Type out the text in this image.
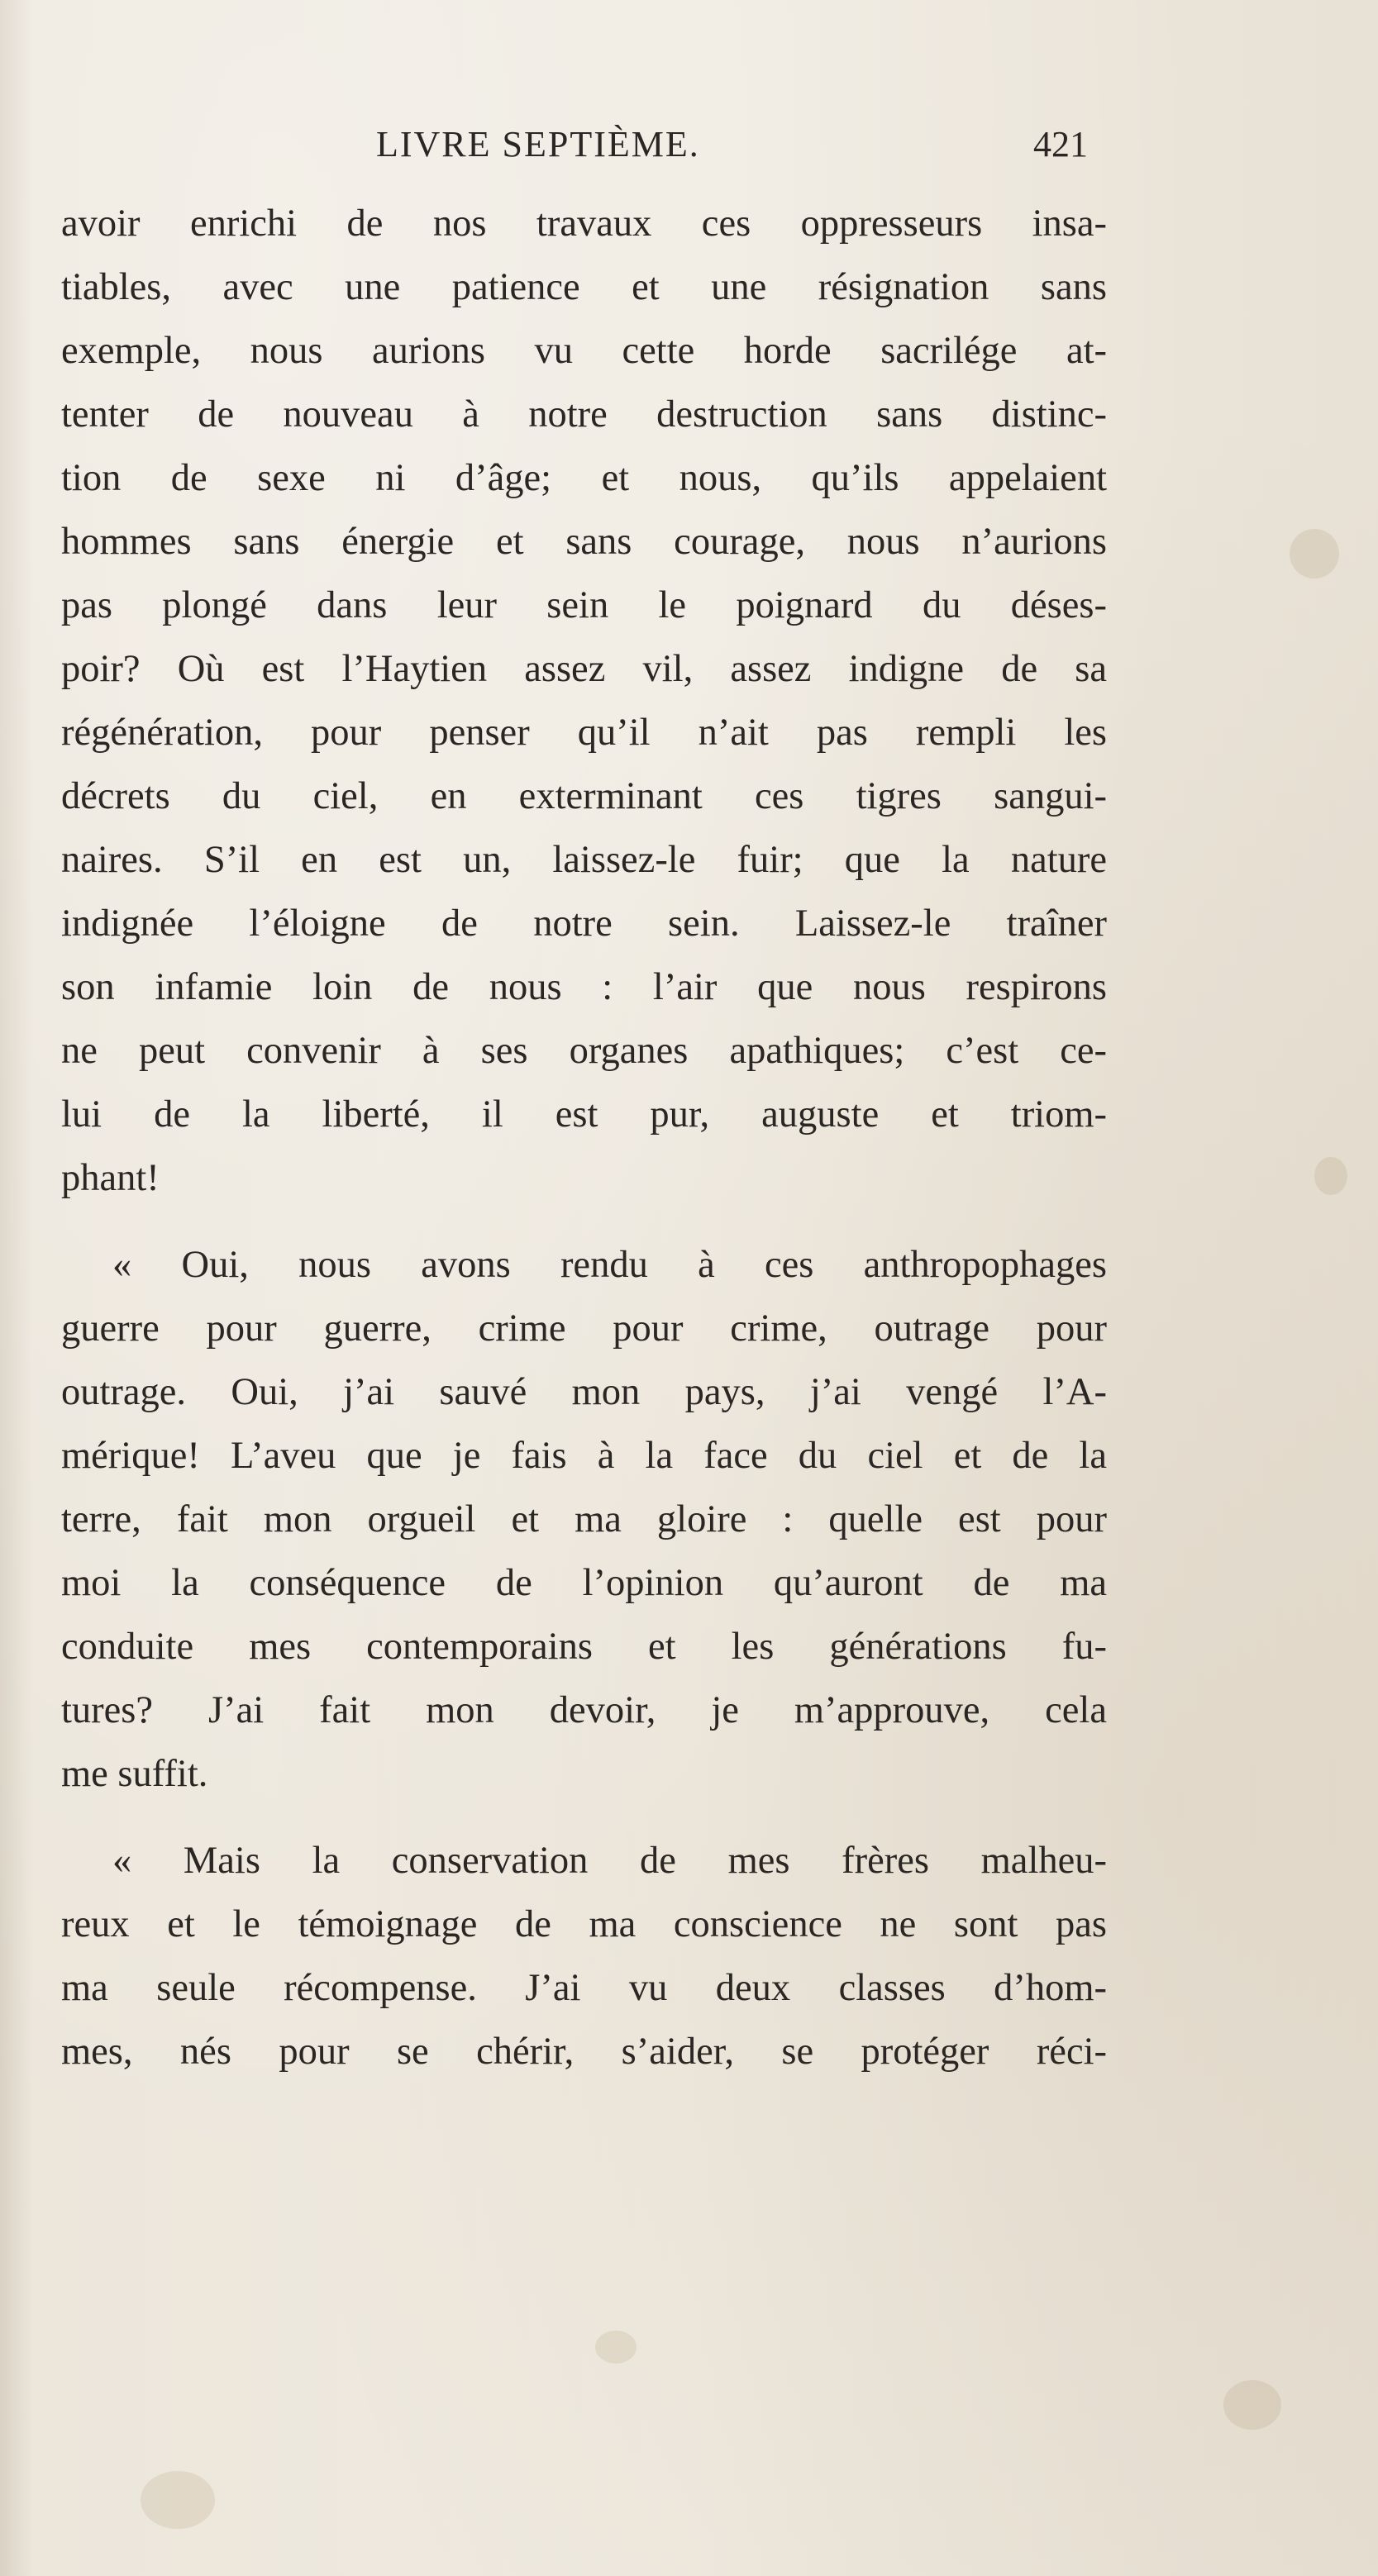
LIVRE SEPTIÈME.	421
avoir enrichi de nos travaux ces oppresseurs insa-
tiables, avec une patience et une résignation sans
exemple, nous aurions vu cette horde sacrilége at-
tenter de nouveau à notre destruction sans distinc-
tion de sexe ni d’âge; et nous, qu’ils appelaient
hommes sans énergie et sans courage, nous n’aurions
pas plongé dans leur sein le poignard du déses-
poir? Où est l’Haytien assez vil, assez indigne de sa
régénération, pour penser qu’il n’ait pas rempli les
décrets du ciel, en exterminant ces tigres sangui-
naires. S’il en est un, laissez-le fuir; que la nature
indignée l’éloigne de notre sein. Laissez-le traîner
son infamie loin de nous : l’air que nous respirons
ne peut convenir à ses organes apathiques; c’est ce-
lui de la liberté, il est pur, auguste et triom-
phant!
« Oui, nous avons rendu à ces anthropophages
guerre pour guerre, crime pour crime, outrage pour
outrage. Oui, j’ai sauvé mon pays, j’ai vengé l’A-
mérique! L’aveu que je fais à la face du ciel et de la
terre, fait mon orgueil et ma gloire : quelle est pour
moi la conséquence de l’opinion qu’auront de ma
conduite mes contemporains et les générations fu-
tures? J’ai fait mon devoir, je m’approuve, cela
me suffit.
« Mais la conservation de mes frères malheu-
reux et le témoignage de ma conscience ne sont pas
ma seule récompense. J’ai vu deux classes d’hom-
mes, nés pour se chérir, s’aider, se protéger réci-
